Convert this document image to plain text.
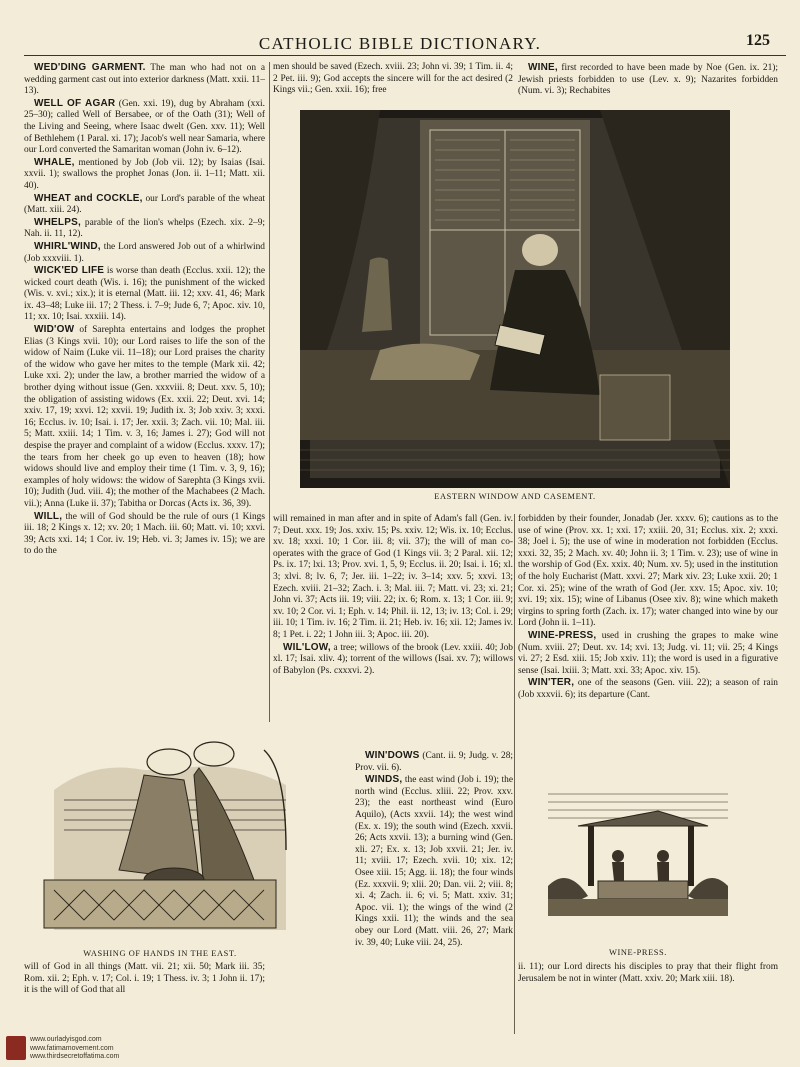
CATHOLIC BIBLE DICTIONARY.	125

WED'DING GARMENT. The man who had not on a wedding garment cast out into exterior darkness (Matt. xxii. 11–13).

WELL OF AGAR (Gen. xxi. 19), dug by Abraham (xxi. 25–30); called Well of Bersabee, or of the Oath (31); Well of the Living and Seeing, where Isaac dwelt (Gen. xxv. 11); Well of Bethlehem (1 Paral. xi. 17); Jacob's well near Samaria, where our Lord converted the Samaritan woman (John iv. 6–12).

WHALE, mentioned by Job (Job vii. 12); by Isaias (Isai. xxvii. 1); swallows the prophet Jonas (Jon. ii. 1–11; Matt. xii. 40).

WHEAT and COCKLE, our Lord's parable of the wheat (Matt. xiii. 24).

WHELPS, parable of the lion's whelps (Ezech. xix. 2–9; Nah. ii. 11, 12).

WHIRL'WIND, the Lord answered Job out of a whirlwind (Job xxxviii. 1).

WICK'ED LIFE is worse than death (Ecclus. xxii. 12); the wicked court death (Wis. i. 16); the punishment of the wicked (Wis. v. xvi.; xix.); it is eternal (Matt. iii. 12; xxv. 41, 46; Mark ix. 43–48; Luke iii. 17; 2 Thess. i. 7–9; Jude 6, 7; Apoc. xiv. 10, 11; xx. 10; Isai. xxxiii. 14).

WID'OW of Sarephta entertains and lodges the prophet Elias (3 Kings xvii. 10); our Lord raises to life the son of the widow of Naim (Luke vii. 11–18); our Lord praises the charity of the widow who gave her mites to the temple (Mark xii. 42; Luke xxi. 2); under the law, a brother married the widow of a brother dying without issue (Gen. xxxviii. 8; Deut. xxv. 5, 10); the obligation of assisting widows (Ex. xxii. 22; Deut. xvi. 14; xxiv. 17, 19; xxvi. 12; xxvii. 19; Judith ix. 3; Job xxiv. 3; xxxi. 16; Ecclus. iv. 10; Isai. i. 17; Jer. xxii. 3; Zach. vii. 10; Mal. iii. 5; Matt. xxiii. 14; 1 Tim. v. 3, 16; James i. 27); God will not despise the prayer and complaint of a widow (Ecclus. xxxv. 17); the tears from her cheek go up even to heaven (18); how widows should live and employ their time (1 Tim. v. 3, 9, 16); examples of holy widows: the widow of Sarephta (3 Kings xvii. 10); Judith (Jud. viii. 4); the mother of the Machabees (2 Mach. vii.); Anna (Luke ii. 37); Tabitha or Dorcas (Acts ix. 36, 39).

WILL, the will of God should be the rule of ours (1 Kings iii. 18; 2 Kings x. 12; xv. 20; 1 Mach. iii. 60; Matt. vi. 10; xxvi. 39; Acts xxi. 14; 1 Cor. iv. 19; Heb. vi. 3; James iv. 15); we are to do the

WASHING OF HANDS IN THE EAST.

will of God in all things (Matt. vii. 21; xii. 50; Mark iii. 35; Rom. xii. 2; Eph. v. 17; Col. i. 19; 1 Thess. iv. 3; 1 John ii. 17); it is the will of God that all

men should be saved (Ezech. xviii. 23; John vi. 39; 1 Tim. ii. 4; 2 Pet. iii. 9); God accepts the sincere will for the act desired (2 Kings vii.; Gen. xxii. 16); free

EASTERN WINDOW AND CASEMENT.

will remained in man after and in spite of Adam's fall (Gen. iv. 7; Deut. xxx. 19; Jos. xxiv. 15; Ps. xxiv. 12; Wis. ix. 10; Ecclus. xv. 18; xxxi. 10; 1 Cor. iii. 8; vii. 37); the will of man co-operates with the grace of God (1 Kings vii. 3; 2 Paral. xii. 12; Ps. ix. 17; lxi. 13; Prov. xvi. 1, 5, 9; Ecclus. ii. 20; Isai. i. 16; xl. 3; xlvi. 8; lv. 6, 7; Jer. iii. 1–22; iv. 3–14; xxv. 5; xxvi. 13; Ezech. xviii. 21–32; Zach. i. 3; Mal. iii. 7; Matt. vi. 23; xi. 21; John vi. 37; Acts iii. 19; viii. 22; ix. 6; Rom. x. 13; 1 Cor. iii. 9; xv. 10; 2 Cor. vi. 1; Eph. v. 14; Phil. ii. 12, 13; iv. 13; Col. i. 29; iii. 10; 1 Tim. iv. 16; 2 Tim. ii. 21; Heb. iv. 16; xii. 12; James iv. 8; 1 Pet. i. 22; 1 John iii. 3; Apoc. iii. 20).

WIL'LOW, a tree; willows of the brook (Lev. xxiii. 40; Job xl. 17; Isai. xliv. 4); torrent of the willows (Isai. xv. 7); willows of Babylon (Ps. cxxxvi. 2).

WIN'DOWS (Cant. ii. 9; Judg. v. 28; Prov. vii. 6).

WINDS, the east wind (Job i. 19); the north wind (Ecclus. xliii. 22; Prov. xxv. 23); the east northeast wind (Euro Aquilo), (Acts xxvii. 14); the west wind (Ex. x. 19); the south wind (Ezech. xxvii. 26; Acts xxvii. 13); a burning wind (Gen. xli. 27; Ex. x. 13; Job xxvii. 21; Jer. iv. 11; xviii. 17; Ezech. xvii. 10; xix. 12; Osee xiii. 15; Agg. ii. 18); the four winds (Ez. xxxvii. 9; xlii. 20; Dan. vii. 2; viii. 8; xi. 4; Zach. ii. 6; vi. 5; Matt. xxiv. 31; Apoc. vii. 1); the wings of the wind (2 Kings xxii. 11); the winds and the sea obey our Lord (Matt. viii. 26, 27; Mark iv. 39, 40; Luke viii. 24, 25).

WINE, first recorded to have been made by Noe (Gen. ix. 21); Jewish priests forbidden to use (Lev. x. 9); Nazarites forbidden (Num. vi. 3); Rechabites

forbidden by their founder, Jonadab (Jer. xxxv. 6); cautions as to the use of wine (Prov. xx. 1; xxi. 17; xxiii. 20, 31; Ecclus. xix. 2; xxxi. 38; Joel i. 5); the use of wine in moderation not forbidden (Ecclus. xxxi. 32, 35; 2 Mach. xv. 40; John ii. 3; 1 Tim. v. 23); use of wine in the worship of God (Ex. xxix. 40; Num. xv. 5); used in the institution of the holy Eucharist (Matt. xxvi. 27; Mark xiv. 23; Luke xxii. 20; 1 Cor. xi. 25); wine of the wrath of God (Jer. xxv. 15; Apoc. xiv. 10; xvi. 19; xix. 15); wine of Libanus (Osee xiv. 8); wine which maketh virgins to spring forth (Zach. ix. 17); water changed into wine by our Lord (John ii. 1–11).

WINE-PRESS, used in crushing the grapes to make wine (Num. xviii. 27; Deut. xv. 14; xvi. 13; Judg. vi. 11; vii. 25; 4 Kings vi. 27; 2 Esd. xiii. 15; Job xxiv. 11); the word is used in a figurative sense (Isai. lxiii. 3; Matt. xxi. 33; Apoc. xiv. 15).

WIN'TER, one of the seasons (Gen. viii. 22); a season of rain (Job xxxvii. 6); its departure (Cant.

WINE-PRESS.

ii. 11); our Lord directs his disciples to pray that their flight from Jerusalem be not in winter (Matt. xxiv. 20; Mark xiii. 18).

www.ourladyisgod.com
www.fatimamovement.com
www.thirdsecretoffatima.com
